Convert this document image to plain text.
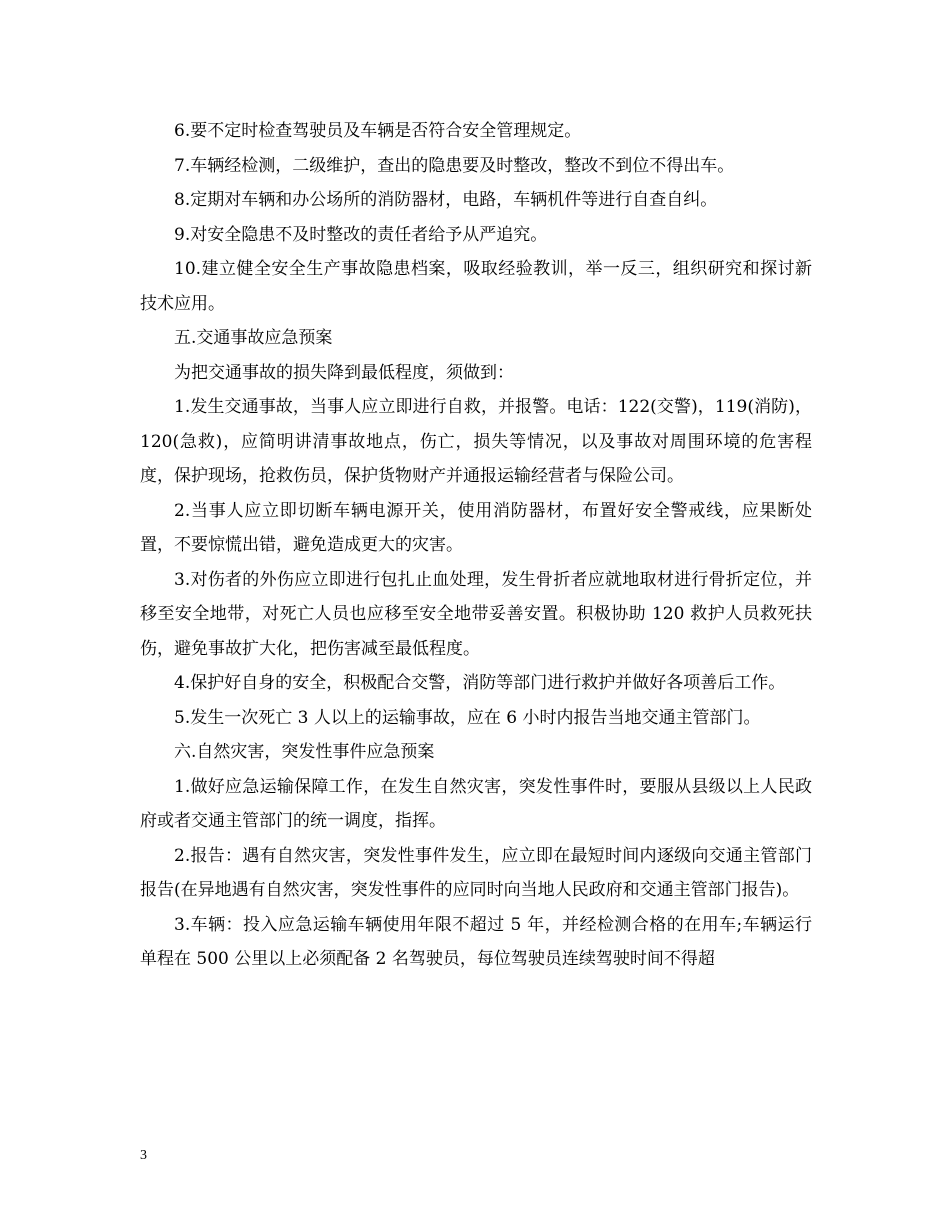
6.要不定时检查驾驶员及车辆是否符合安全管理规定。

7.车辆经检测，二级维护，查出的隐患要及时整改，整改不到位不得出车。

8.定期对车辆和办公场所的消防器材，电路，车辆机件等进行自查自纠。

9.对安全隐患不及时整改的责任者给予从严追究。

10.建立健全安全生产事故隐患档案，吸取经验教训，举一反三，组织研究和探讨新技术应用。

五.交通事故应急预案

为把交通事故的损失降到最低程度，须做到：

1.发生交通事故，当事人应立即进行自救，并报警。电话：122(交警)，119(消防)，120(急救)，应简明讲清事故地点，伤亡，损失等情况，以及事故对周围环境的危害程度，保护现场，抢救伤员，保护货物财产并通报运输经营者与保险公司。

2.当事人应立即切断车辆电源开关，使用消防器材，布置好安全警戒线，应果断处置，不要惊慌出错，避免造成更大的灾害。

3.对伤者的外伤应立即进行包扎止血处理，发生骨折者应就地取材进行骨折定位，并移至安全地带，对死亡人员也应移至安全地带妥善安置。积极协助 120 救护人员救死扶伤，避免事故扩大化，把伤害减至最低程度。

4.保护好自身的安全，积极配合交警，消防等部门进行救护并做好各项善后工作。

5.发生一次死亡 3 人以上的运输事故，应在 6 小时内报告当地交通主管部门。

六.自然灾害，突发性事件应急预案

1.做好应急运输保障工作，在发生自然灾害，突发性事件时，要服从县级以上人民政府或者交通主管部门的统一调度，指挥。

2.报告：遇有自然灾害，突发性事件发生，应立即在最短时间内逐级向交通主管部门报告(在异地遇有自然灾害，突发性事件的应同时向当地人民政府和交通主管部门报告)。

3.车辆：投入应急运输车辆使用年限不超过 5 年，并经检测合格的在用车;车辆运行单程在 500 公里以上必须配备 2 名驾驶员，每位驾驶员连续驾驶时间不得超

3
